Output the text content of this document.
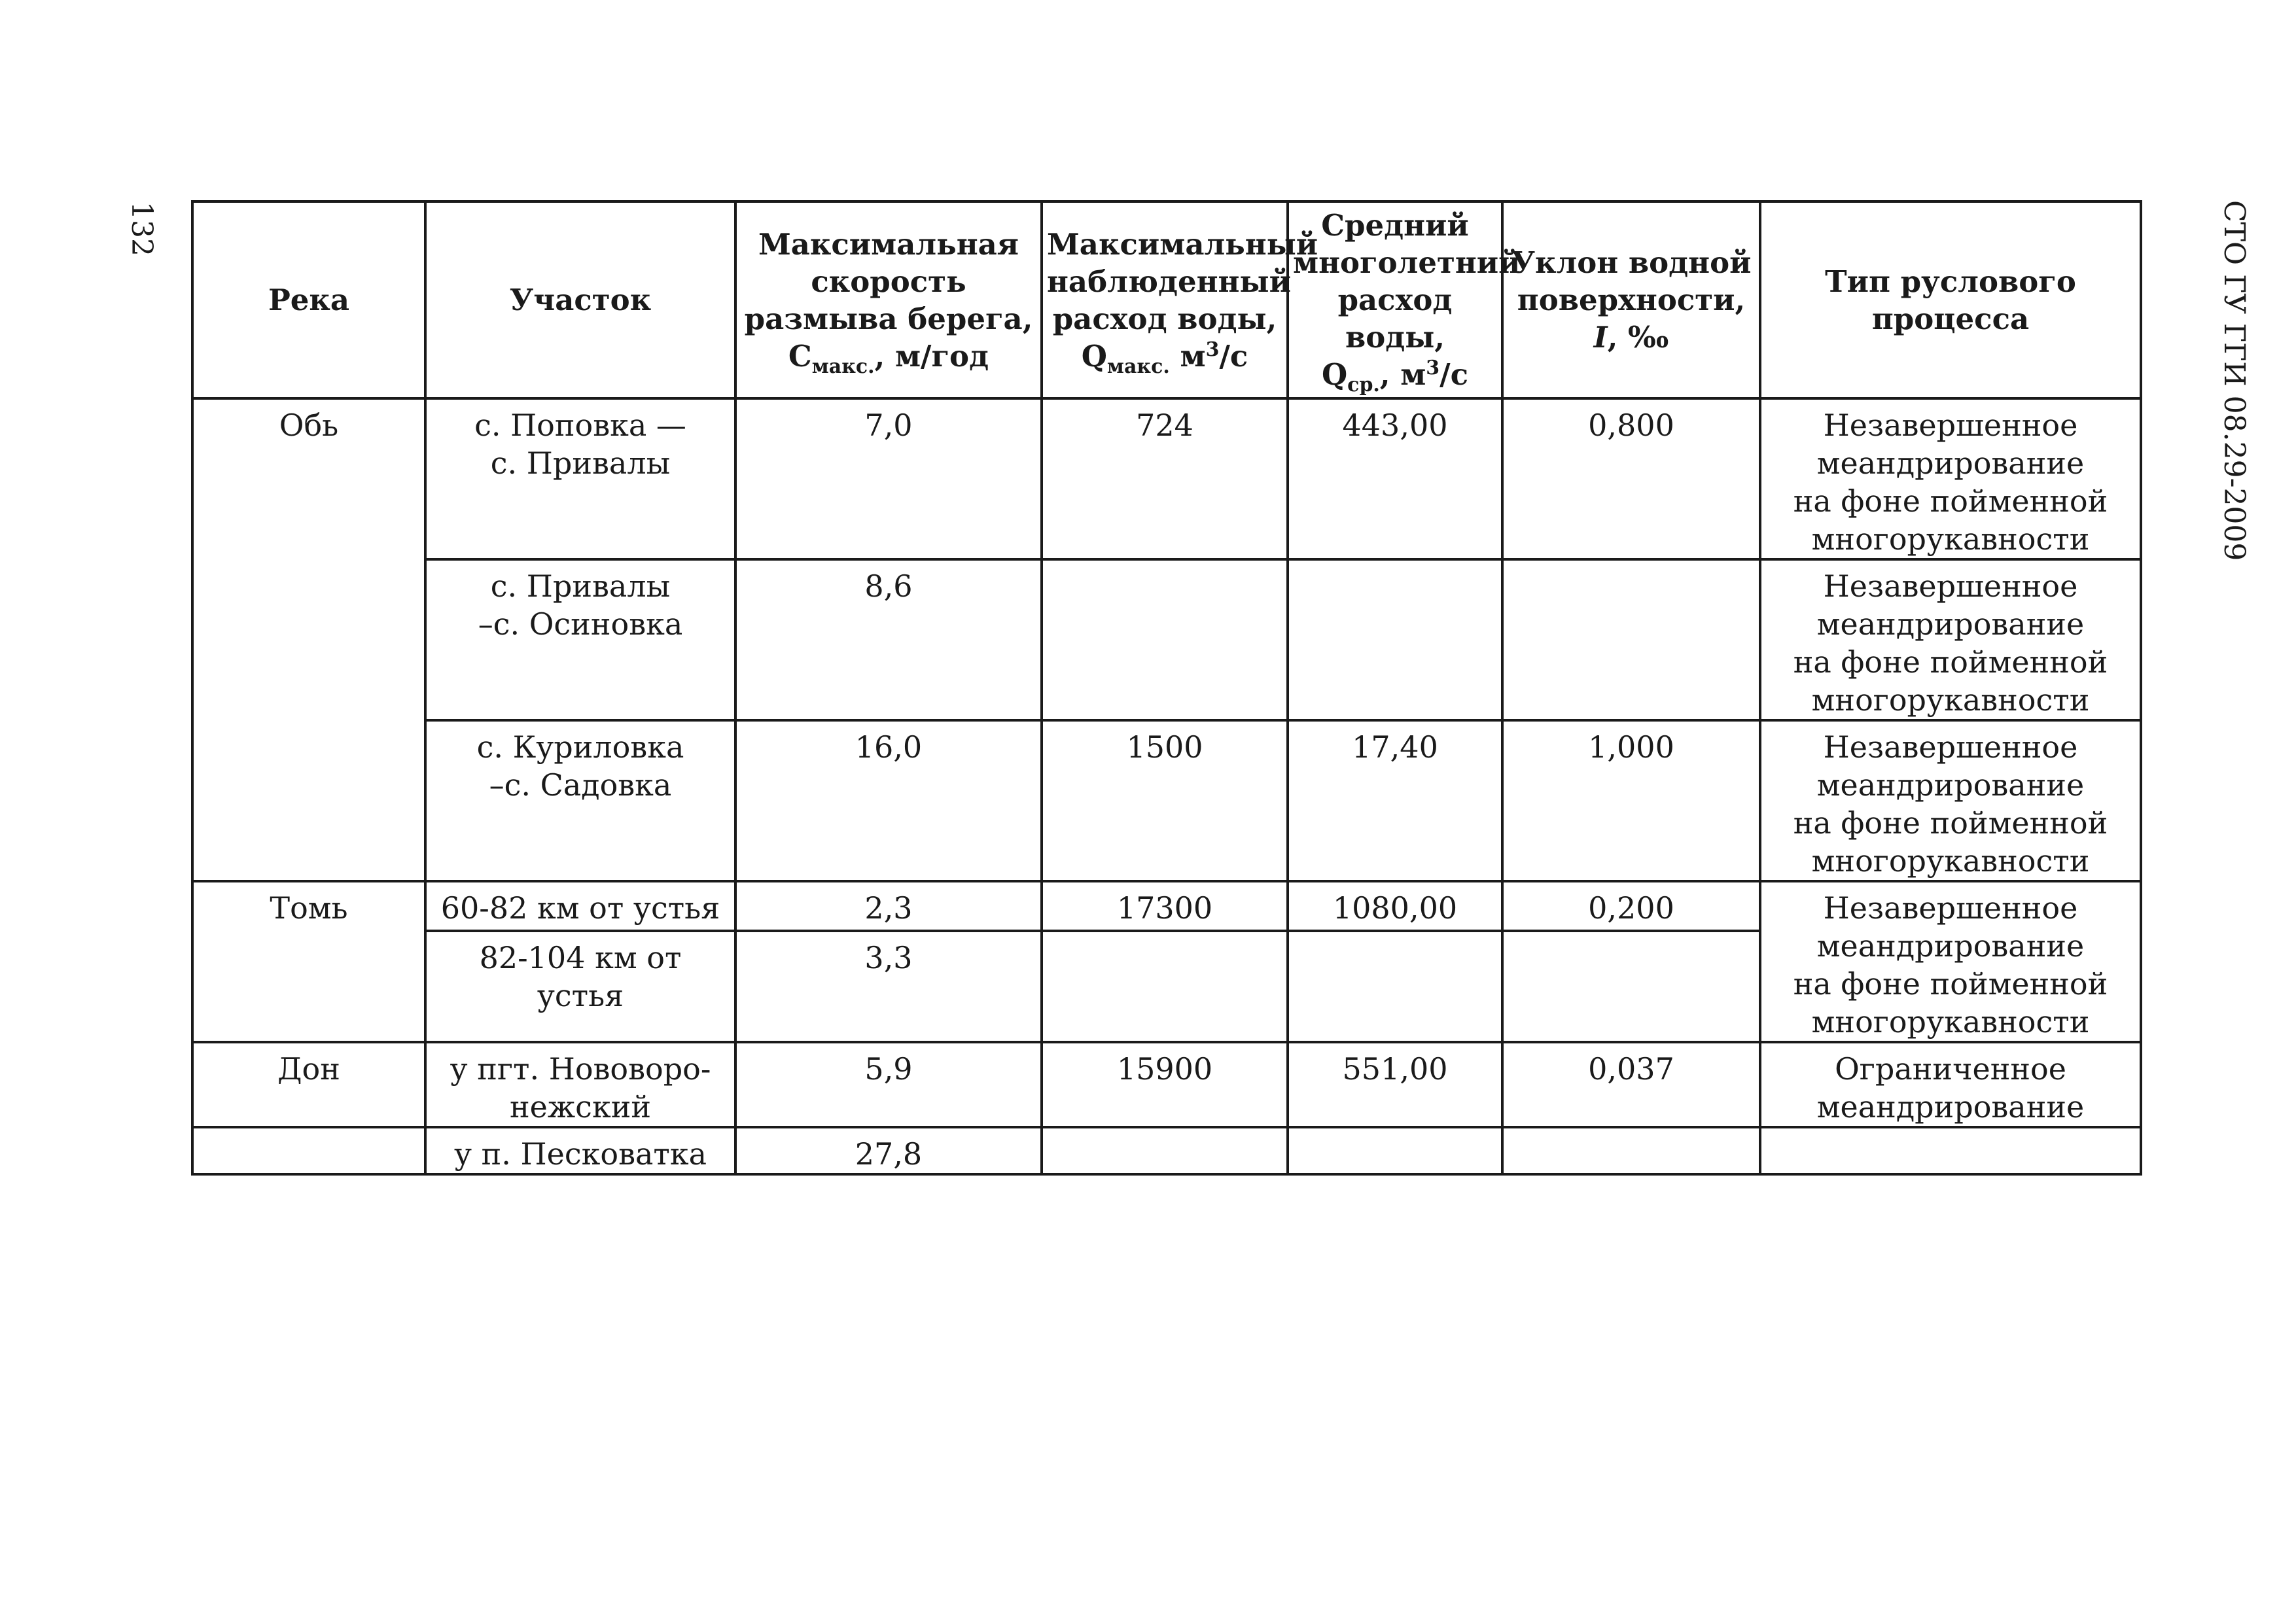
132	СТО ГУ ГГИ 08.29-2009
Река	Участок	Максимальная
скорость
размыва берега,
$С_{макс.}$, м/год	Максимальный
наблюденный
расход воды,
$Q_{макс.}$ $м^3/с$	Средний
многолетний
расход воды,
$Q_{ср.}$, $м^3/с$	Уклон водной
поверхности,
I, ‰	Тип руслового
процесса
Обь	с. Поповка —
с. Привалы	7,0	724	443,00	0,800	Незавершенное
меандрирование
на фоне пойменной
многорукавности
	с. Привалы
–с. Осиновка	8,6				Незавершенное
меандрирование
на фоне пойменной
многорукавности
	с. Куриловка
–с. Садовка	16,0	1500	17,40	1,000	Незавершенное
меандрирование
на фоне пойменной
многорукавности
Томь	60-82 км от устья	2,3	17300	1080,00	0,200	Незавершенное
меандрирование
на фоне пойменной
многорукавности
	82-104 км от устья	3,3				
Дон	у пгт. Нововоро-
нежский	5,9	15900	551,00	0,037	Ограниченное
меандрирование
	у п. Песковатка	27,8				
